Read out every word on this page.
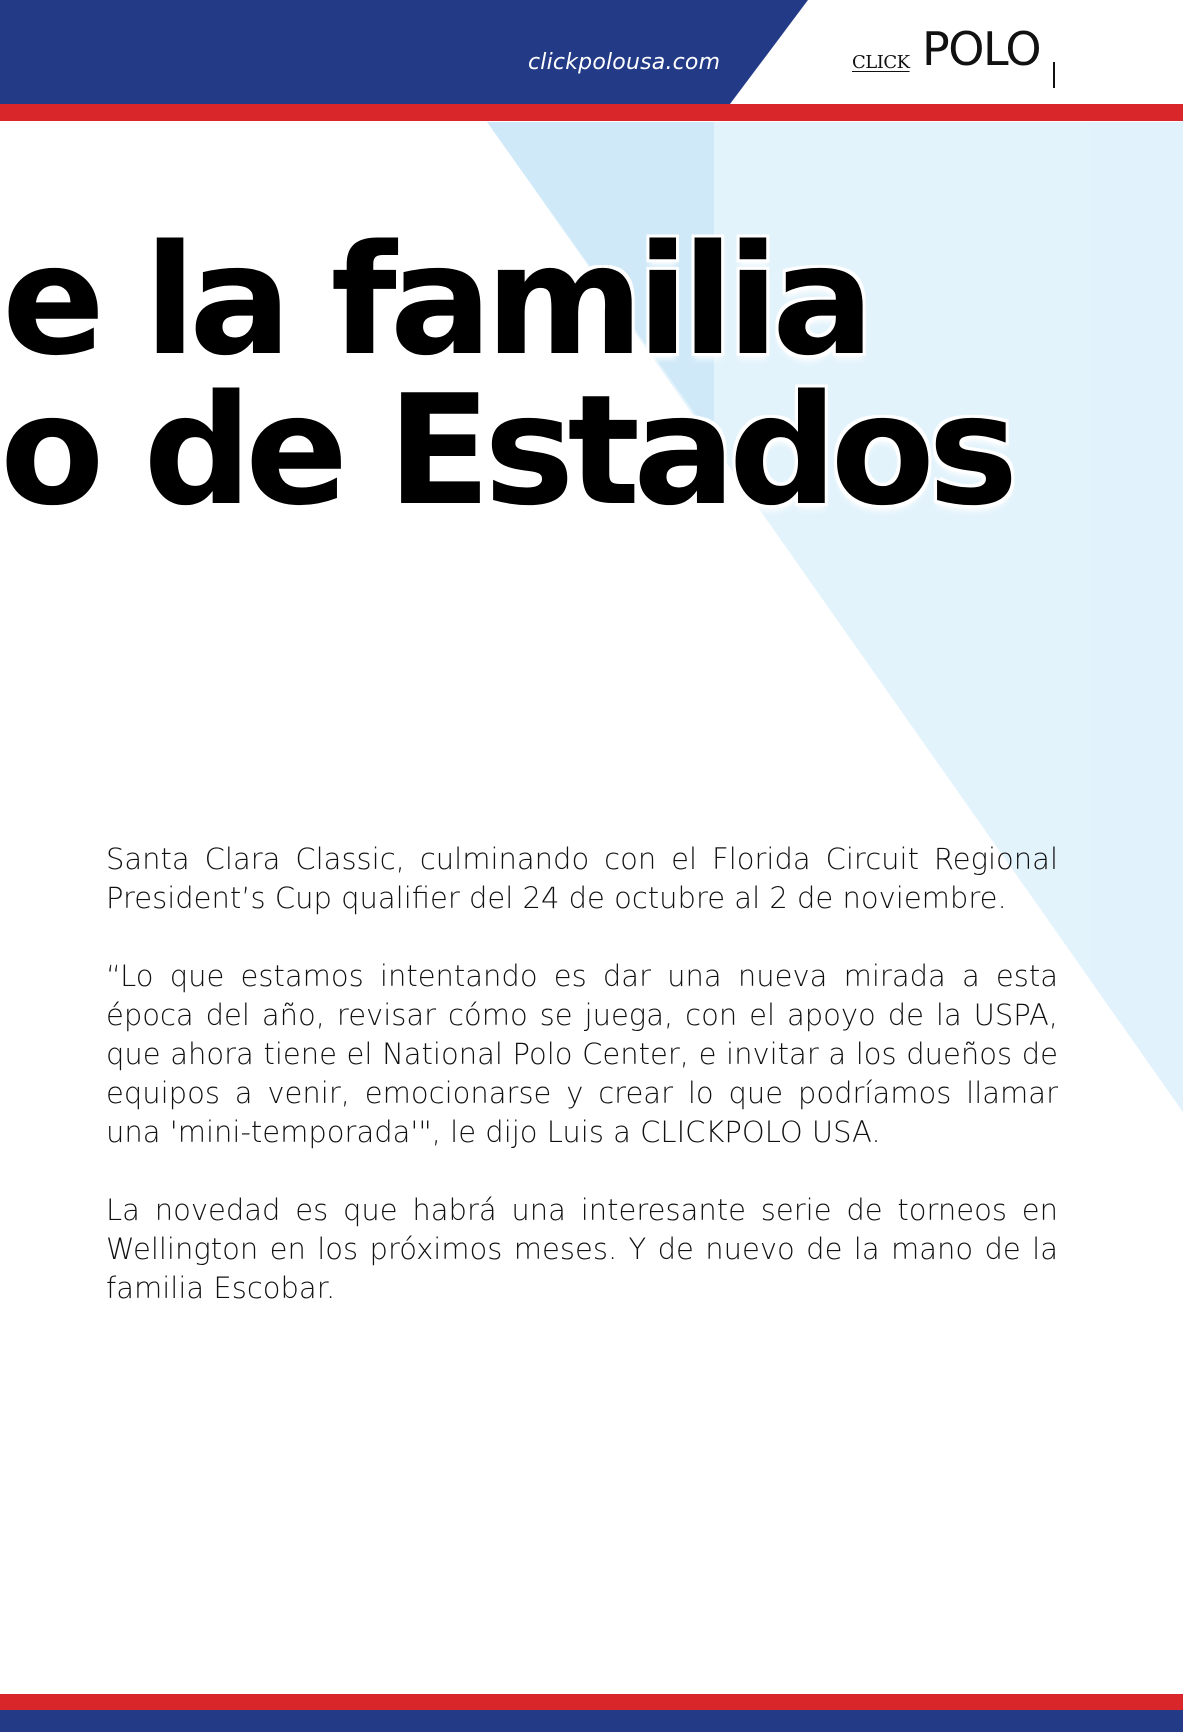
clickpolousa.com	CLICK POLO
e la familia
o de Estados

Santa Clara Classic, culminando con el Florida Circuit Regional President’s Cup qualifier del 24 de octubre al 2 de noviembre.

“Lo que estamos intentando es dar una nueva mirada a esta época del año, revisar cómo se juega, con el apoyo de la USPA, que ahora tiene el National Polo Center, e invitar a los dueños de equipos a venir, emocionarse y crear lo que podríamos llamar una 'mini-temporada'", le dijo Luis a CLICKPOLO USA.

La novedad es que habrá una interesante serie de torneos en Wellington en los próximos meses. Y de nuevo de la mano de la familia Escobar.
